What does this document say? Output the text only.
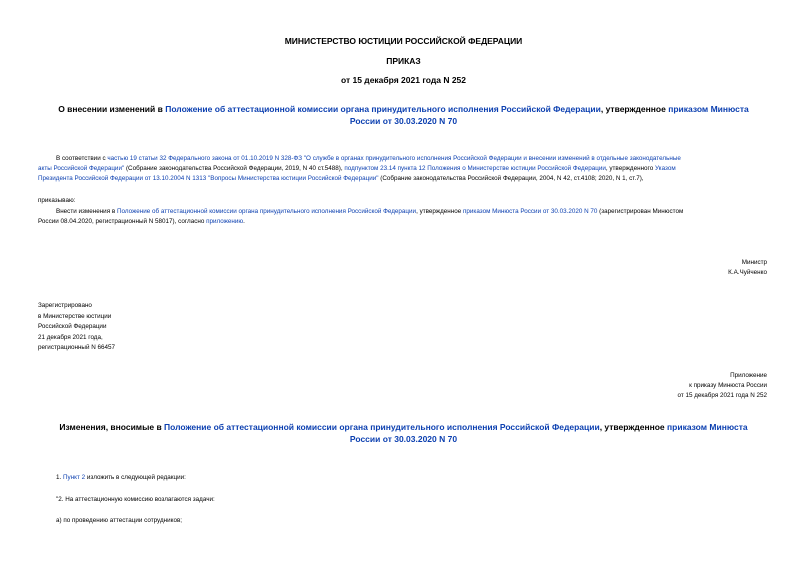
МИНИСТЕРСТВО ЮСТИЦИИ РОССИЙСКОЙ ФЕДЕРАЦИИ
ПРИКАЗ
от 15 декабря 2021 года N 252
О внесении изменений в Положение об аттестационной комиссии органа принудительного исполнения Российской Федерации, утвержденное приказом Минюста
России от 30.03.2020 N 70
В соответствии с частью 19 статьи 32 Федерального закона от 01.10.2019 N 328-ФЗ "О службе в органах принудительного исполнения Российской Федерации и внесении изменений в отдельные законодательные
акты Российской Федерации" (Собрание законодательства Российской Федерации, 2019, N 40 ст.5488), подпунктом 23.14 пункта 12 Положения о Министерстве юстиции Российской Федерации, утвержденного Указом
Президента Российской Федерации от 13.10.2004 N 1313 "Вопросы Министерства юстиции Российской Федерации" (Собрание законодательства Российской Федерации, 2004, N 42, ст.4108; 2020, N 1, ст.7),
приказываю:
Внести изменения в Положение об аттестационной комиссии органа принудительного исполнения Российской Федерации, утвержденное приказом Минюста России от 30.03.2020 N 70 (зарегистрирован Минюстом
России 08.04.2020, регистрационный N 58017), согласно приложению.
Министр
К.А.Чуйченко
Зарегистрировано
в Министерстве юстиции
Российской Федерации
21 декабря 2021 года,
регистрационный N 66457
Приложение
к приказу Минюста России
от 15 декабря 2021 года N 252
Изменения, вносимые в Положение об аттестационной комиссии органа принудительного исполнения Российской Федерации, утвержденное приказом Минюста
России от 30.03.2020 N 70
1. Пункт 2 изложить в следующей редакции:
"2. На аттестационную комиссию возлагаются задачи:
а) по проведению аттестации сотрудников;
